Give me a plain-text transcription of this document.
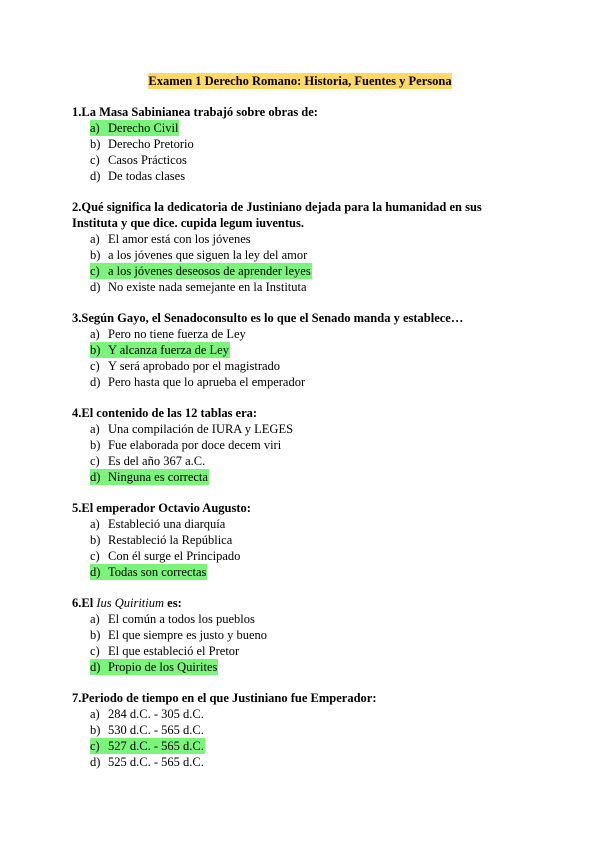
Examen 1 Derecho Romano: Historia, Fuentes y Persona
1.La Masa Sabinianea trabajó sobre obras de:
a) Derecho Civil
b) Derecho Pretorio
c) Casos Prácticos
d) De todas clases
2.Qué significa la dedicatoria de Justiniano dejada para la humanidad en sus Instituta y que dice. cupida legum iuventus.
a) El amor está con los jóvenes
b) a los jóvenes que siguen la ley del amor
c) a los jóvenes deseosos de aprender leyes
d) No existe nada semejante en la Instituta
3.Según Gayo, el Senadoconsulto es lo que el Senado manda y establece…
a) Pero no tiene fuerza de Ley
b) Y alcanza fuerza de Ley
c) Y será aprobado por el magistrado
d) Pero hasta que lo aprueba el emperador
4.El contenido de las 12 tablas era:
a) Una compilación de IURA y LEGES
b) Fue elaborada por doce decem viri
c) Es del año 367 a.C.
d) Ninguna es correcta
5.El emperador Octavio Augusto:
a) Estableció una diarquía
b) Restableció la República
c) Con él surge el Principado
d) Todas son correctas
6.El Ius Quiritium es:
a) El común a todos los pueblos
b) El que siempre es justo y bueno
c) El que estableció el Pretor
d) Propio de los Quirites
7.Periodo de tiempo en el que Justiniano fue Emperador:
a) 284 d.C. - 305 d.C.
b) 530 d.C. - 565 d.C.
c) 527 d.C. - 565 d.C.
d) 525 d.C. - 565 d.C.
